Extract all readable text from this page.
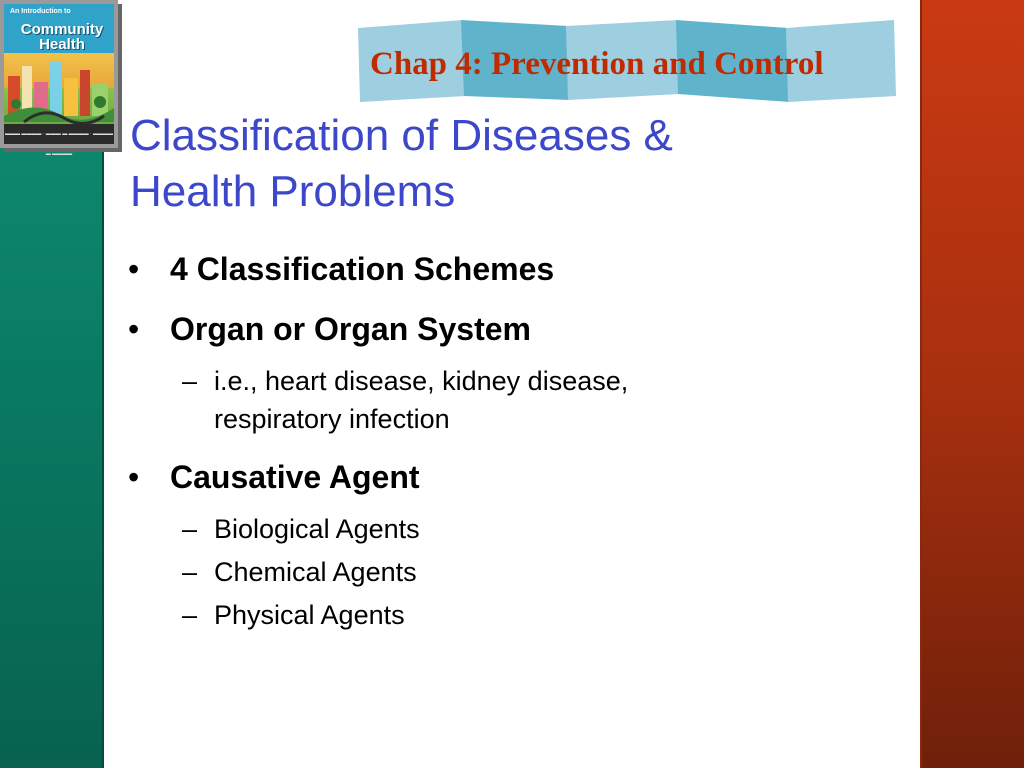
An Introduction to
Community
Health
▬▬▬ ▬▬▬▬ · ▬▬▬ ▬ ▬▬▬▬ · ▬▬▬▬ ▬ ▬▬▬▬
Chap 4: Prevention and Control
Classification of Diseases &
Health Problems
• 4 Classification Schemes
• Organ or Organ System
– i.e., heart disease, kidney disease,
respiratory infection
• Causative Agent
– Biological Agents
– Chemical Agents
– Physical Agents
